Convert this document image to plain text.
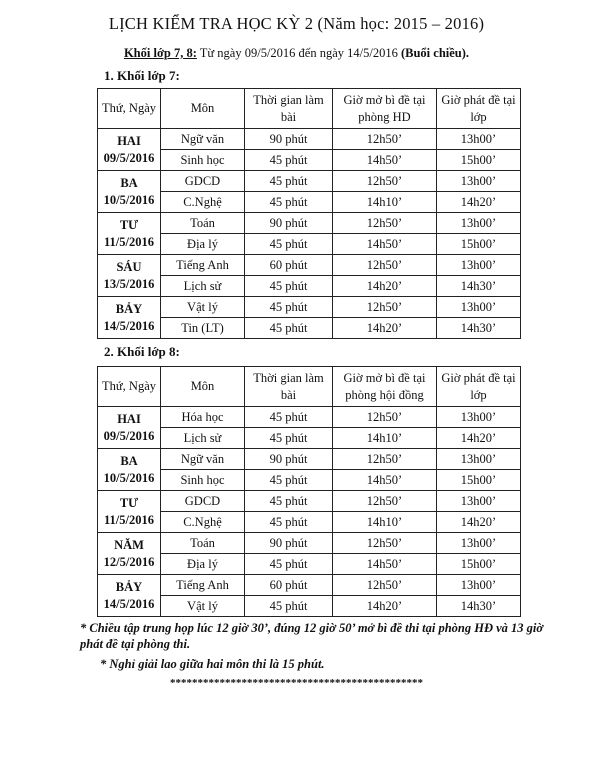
LỊCH KIỂM TRA HỌC KỲ 2 (Năm học: 2015 – 2016)
Khối lớp 7, 8: Từ ngày 09/5/2016 đến ngày 14/5/2016 (Buổi chiều).
1. Khối lớp 7:
Thứ, Ngày	Môn	Thời gian làm bài	Giờ mở bì đề tại phòng HD	Giờ phát đề tại lớp

HAI
09/5/2016	Ngữ văn	90 phút	12h50’	13h00’
	Sinh học	45 phút	14h50’	15h00’

BA
10/5/2016	GDCD	45 phút	12h50’	13h00’
	C.Nghệ	45 phút	14h10’	14h20’

TƯ
11/5/2016	Toán	90 phút	12h50’	13h00’
	Địa lý	45 phút	14h50’	15h00’

SÁU
13/5/2016	Tiếng Anh	60 phút	12h50’	13h00’
	Lịch sử	45 phút	14h20’	14h30’

BẢY
14/5/2016	Vật lý	45 phút	12h50’	13h00’
	Tin (LT)	45 phút	14h20’	14h30’
2. Khối lớp 8:
Thứ, Ngày	Môn	Thời gian làm bài	Giờ mở bì đề tại phòng hội đồng	Giờ phát đề tại lớp

HAI
09/5/2016	Hóa học	45 phút	12h50’	13h00’
	Lịch sử	45 phút	14h10’	14h20’

BA
10/5/2016	Ngữ văn	90 phút	12h50’	13h00’
	Sinh học	45 phút	14h50’	15h00’

TƯ
11/5/2016	GDCD	45 phút	12h50’	13h00’
	C.Nghệ	45 phút	14h10’	14h20’

NĂM
12/5/2016	Toán	90 phút	12h50’	13h00’
	Địa lý	45 phút	14h50’	15h00’

BẢY
14/5/2016	Tiếng Anh	60 phút	12h50’	13h00’
	Vật lý	45 phút	14h20’	14h30’
* Chiều tập trung họp lúc 12 giờ 30’, đúng 12 giờ 50’ mở bì đề thi tại phòng HĐ và 13 giờ phát đề tại phòng thi.
* Nghỉ giải lao giữa hai môn thi là 15 phút.
**********************************************
